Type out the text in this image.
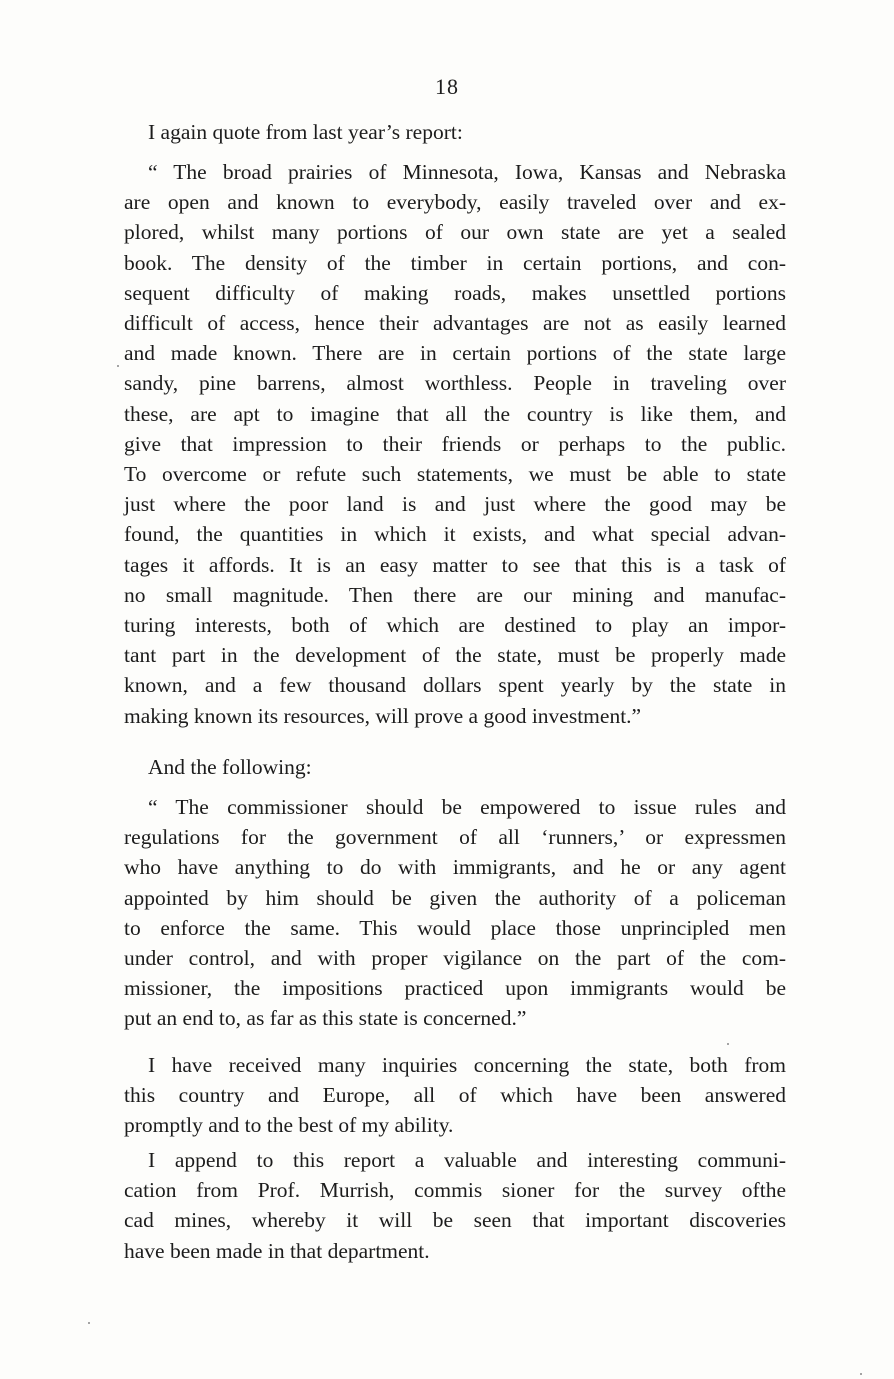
18

I again quote from last year’s report:

“ The broad prairies of Minnesota, Iowa, Kansas and Nebraska
are open and known to everybody, easily traveled over and ex-
plored, whilst many portions of our own state are yet a sealed
book. The density of the timber in certain portions, and con-
sequent difficulty of making roads, makes unsettled portions
difficult of access, hence their advantages are not as easily learned
and made known. There are in certain portions of the state large
sandy, pine barrens, almost worthless. People in traveling over
these, are apt to imagine that all the country is like them, and
give that impression to their friends or perhaps to the public.
To overcome or refute such statements, we must be able to state
just where the poor land is and just where the good may be
found, the quantities in which it exists, and what special advan-
tages it affords. It is an easy matter to see that this is a task of
no small magnitude. Then there are our mining and manufac-
turing interests, both of which are destined to play an impor-
tant part in the development of the state, must be properly made
known, and a few thousand dollars spent yearly by the state in
making known its resources, will prove a good investment.”

And the following:

“ The commissioner should be empowered to issue rules and
regulations for the government of all ‘runners,’ or expressmen
who have anything to do with immigrants, and he or any agent
appointed by him should be given the authority of a policeman
to enforce the same. This would place those unprincipled men
under control, and with proper vigilance on the part of the com-
missioner, the impositions practiced upon immigrants would be
put an end to, as far as this state is concerned.”

I have received many inquiries concerning the state, both from
this country and Europe, all of which have been answered
promptly and to the best of my ability.

I append to this report a valuable and interesting communi-
cation from Prof. Murrish, commis sioner for the survey ofthe
cad mines, whereby it will be seen that important discoveries
have been made in that department.
